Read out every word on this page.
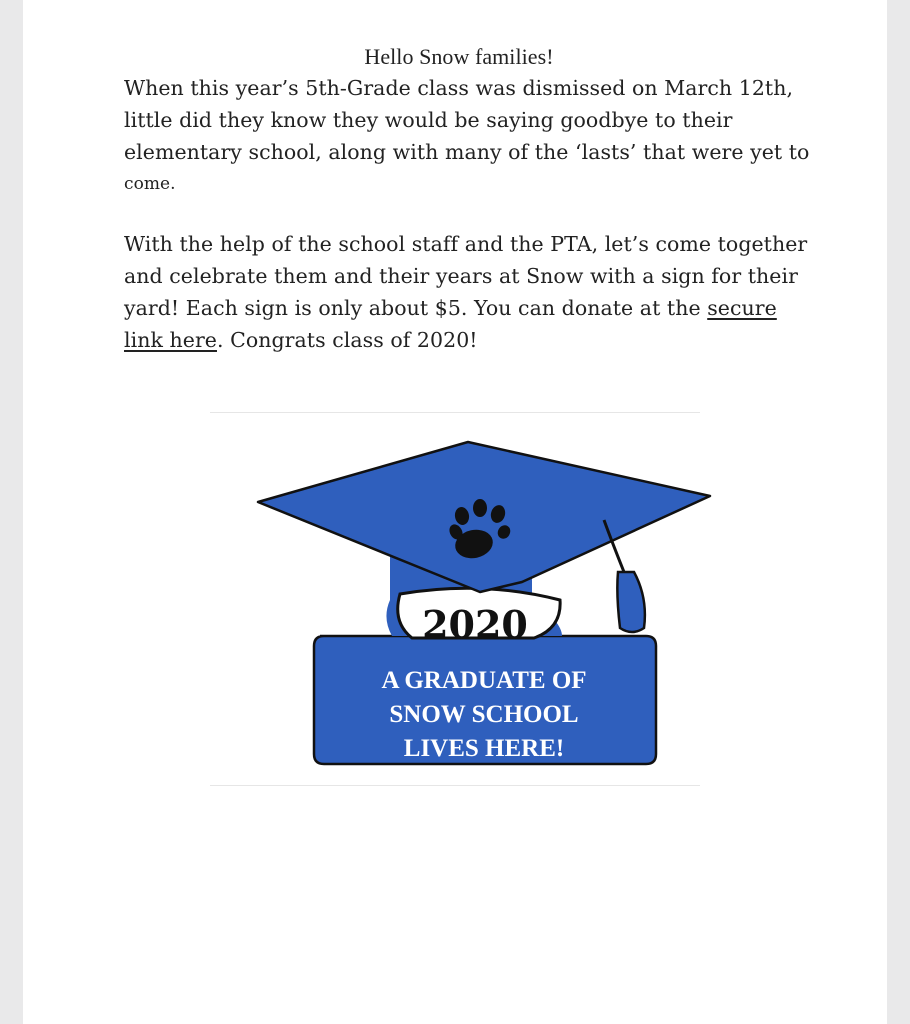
Hello Snow families!
When this year’s 5th-Grade class was dismissed on March 12th,
little did they know they would be saying goodbye to their
elementary school, along with many of the ‘lasts’ that were yet to
come.
With the help of the school staff and the PTA, let’s come together
and celebrate them and their years at Snow with a sign for their
yard! Each sign is only about $5. You can donate at the secure
link here. Congrats class of 2020!
2020
A GRADUATE OF
SNOW SCHOOL
LIVES HERE!
